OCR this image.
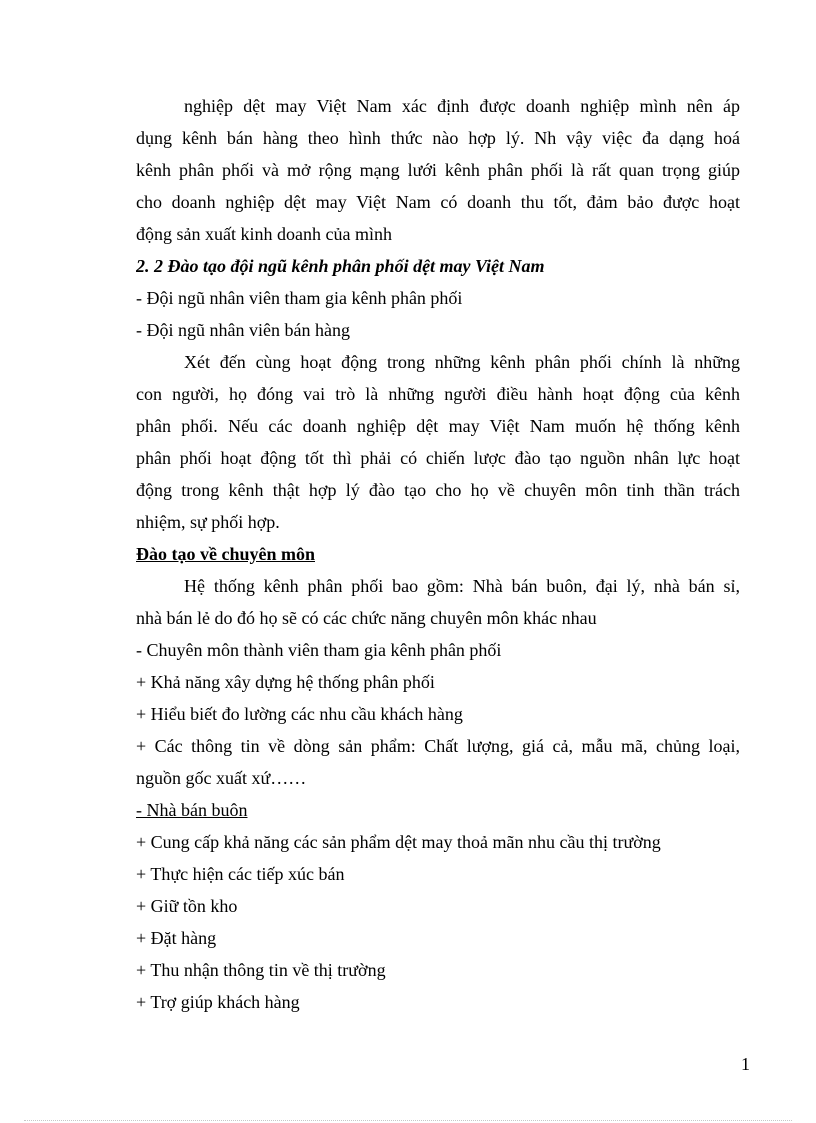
nghiệp dệt may Việt Nam xác định được doanh nghiệp mình nên áp
dụng kênh bán hàng theo hình thức nào hợp lý. Nh vậy việc đa dạng hoá
kênh phân phối và mở rộng mạng lưới kênh phân phối là rất quan trọng giúp
cho doanh nghiệp dệt may Việt Nam có doanh thu tốt, đảm bảo được hoạt
động sản xuất kinh doanh của mình
2. 2 Đào tạo đội ngũ kênh phân phối dệt may Việt Nam
- Đội ngũ nhân viên tham gia kênh phân phối
- Đội ngũ nhân viên bán hàng
Xét đến cùng hoạt động trong những kênh phân phối chính là những
con người, họ đóng vai trò là những người điều hành hoạt động của kênh
phân phối. Nếu các doanh nghiệp dệt may Việt Nam muốn hệ thống kênh
phân phối hoạt động tốt thì phải có chiến lược đào tạo nguồn nhân lực hoạt
động trong kênh thật hợp lý đào tạo cho họ về chuyên môn tinh thần trách
nhiệm, sự phối hợp.
Đào tạo về chuyên môn
Hệ thống kênh phân phối bao gồm: Nhà bán buôn, đại lý, nhà bán sỉ,
nhà bán lẻ do đó họ sẽ có các chức năng chuyên môn khác nhau
- Chuyên môn thành viên tham gia kênh phân phối
+ Khả năng xây dựng hệ thống phân phối
+ Hiểu biết đo lường các nhu cầu khách hàng
+ Các thông tin về dòng sản phẩm: Chất lượng, giá cả, mẫu mã, chủng loại,
nguồn gốc xuất xứ……
- Nhà bán buôn
+ Cung cấp khả năng các sản phẩm dệt may thoả mãn nhu cầu thị trường
+ Thực hiện các tiếp xúc bán
+ Giữ tồn kho
+ Đặt hàng
+ Thu nhận thông tin về thị trường
+ Trợ giúp khách hàng
1
